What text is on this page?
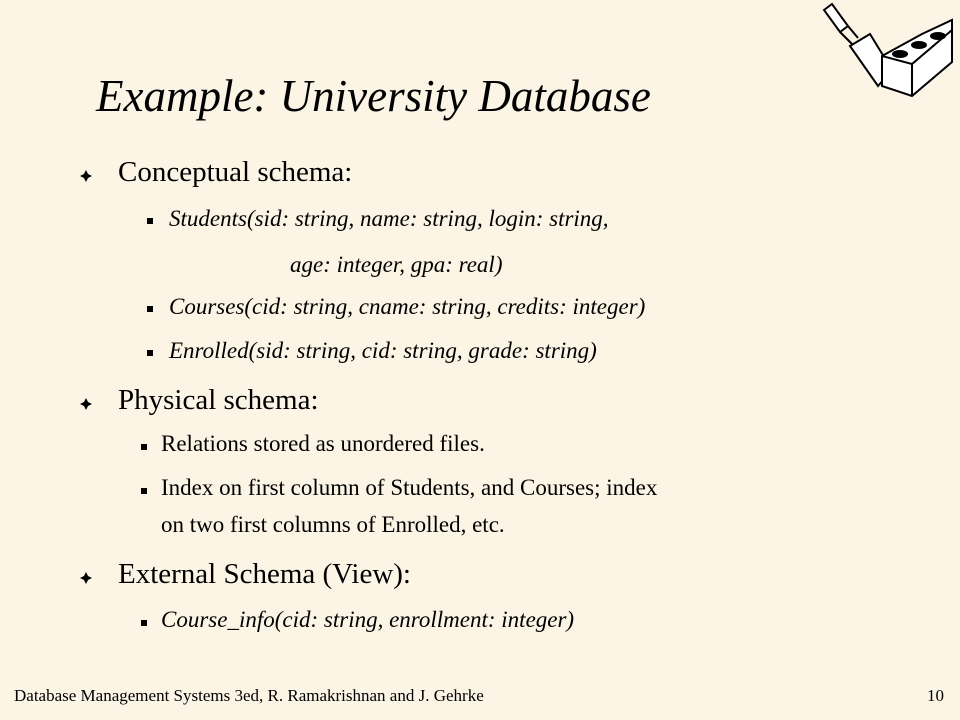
Example: University Database
Conceptual schema:
Students(sid: string, name: string, login: string,
age: integer, gpa: real)
Courses(cid: string, cname: string, credits: integer)
Enrolled(sid: string, cid: string, grade: string)
Physical schema:
Relations stored as unordered files.
Index on first column of Students, and Courses; index
on two first columns of Enrolled, etc.
External Schema (View):
Course_info(cid: string, enrollment: integer)
Database Management Systems 3ed, R. Ramakrishnan and J. Gehrke	10
